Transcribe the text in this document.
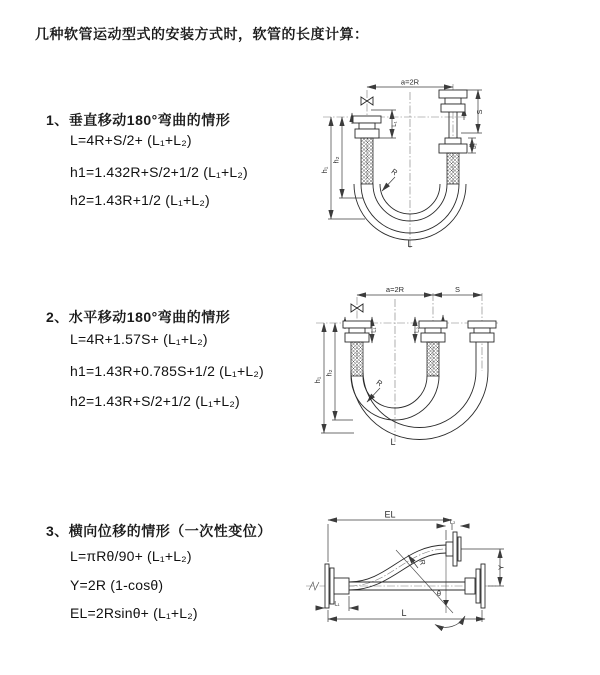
几种软管运动型式的安装方式时，软管的长度计算：
1、垂直移动180°弯曲的情形
L=4R+S/2+ (L₁+L₂)
h1=1.432R+S/2+1/2 (L₁+L₂)
h2=1.43R+1/2 (L₁+L₂)
2、水平移动180°弯曲的情形
L=4R+1.57S+ (L₁+L₂)
h1=1.43R+0.785S+1/2 (L₁+L₂)
h2=1.43R+S/2+1/2 (L₁+L₂)
3、横向位移的情形（一次性变位）
L=πRθ/90+ (L₁+L₂)
Y=2R (1-cosθ)
EL=2Rsinθ+ (L₁+L₂)
a=2R
S
L₁
L₂
h₁
h₂
R
L
a=2R	S
L₁	L₂
h₁
h₂
R
L
EL
L₂
Y
R
θ
L
L₁
